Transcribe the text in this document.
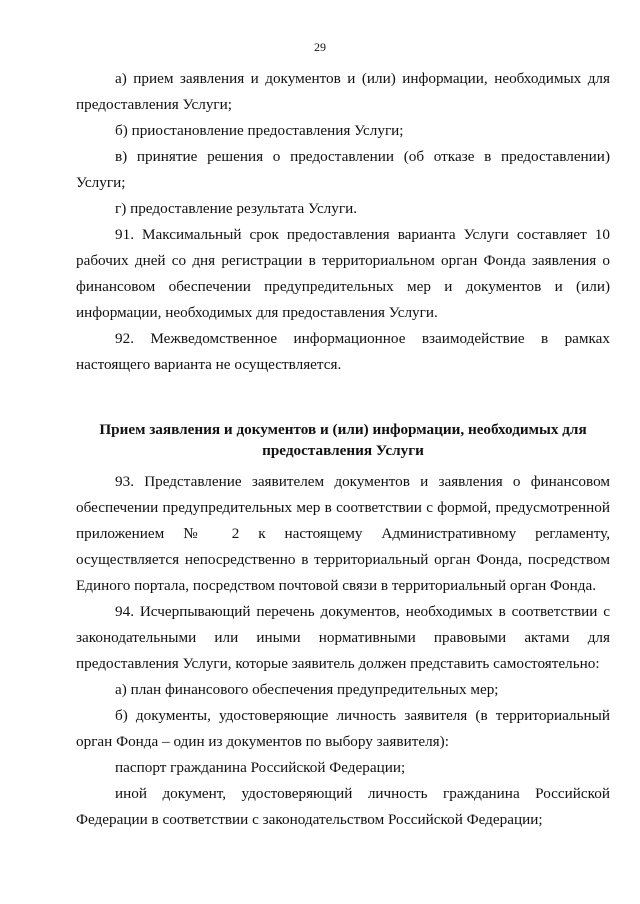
29

а) прием заявления и документов и (или) информации, необходимых для предоставления Услуги;

б) приостановление предоставления Услуги;

в) принятие решения о предоставлении (об отказе в предоставлении) Услуги;

г) предоставление результата Услуги.

91. Максимальный срок предоставления варианта Услуги составляет 10 рабочих дней со дня регистрации в территориальном орган Фонда заявления о финансовом обеспечении предупредительных мер и документов и (или) информации, необходимых для предоставления Услуги.

92. Межведомственное информационное взаимодействие в рамках настоящего варианта не осуществляется.

Прием заявления и документов и (или) информации, необходимых для
предоставления Услуги

93. Представление заявителем документов и заявления о финансовом обеспечении предупредительных мер в соответствии с формой, предусмотренной приложением № 2 к настоящему Административному регламенту, осуществляется непосредственно в территориальный орган Фонда, посредством Единого портала, посредством почтовой связи в территориальный орган Фонда.

94. Исчерпывающий перечень документов, необходимых в соответствии с законодательными или иными нормативными правовыми актами для предоставления Услуги, которые заявитель должен представить самостоятельно:

а) план финансового обеспечения предупредительных мер;

б) документы, удостоверяющие личность заявителя (в территориальный орган Фонда – один из документов по выбору заявителя):

паспорт гражданина Российской Федерации;

иной документ, удостоверяющий личность гражданина Российской Федерации в соответствии с законодательством Российской Федерации;
